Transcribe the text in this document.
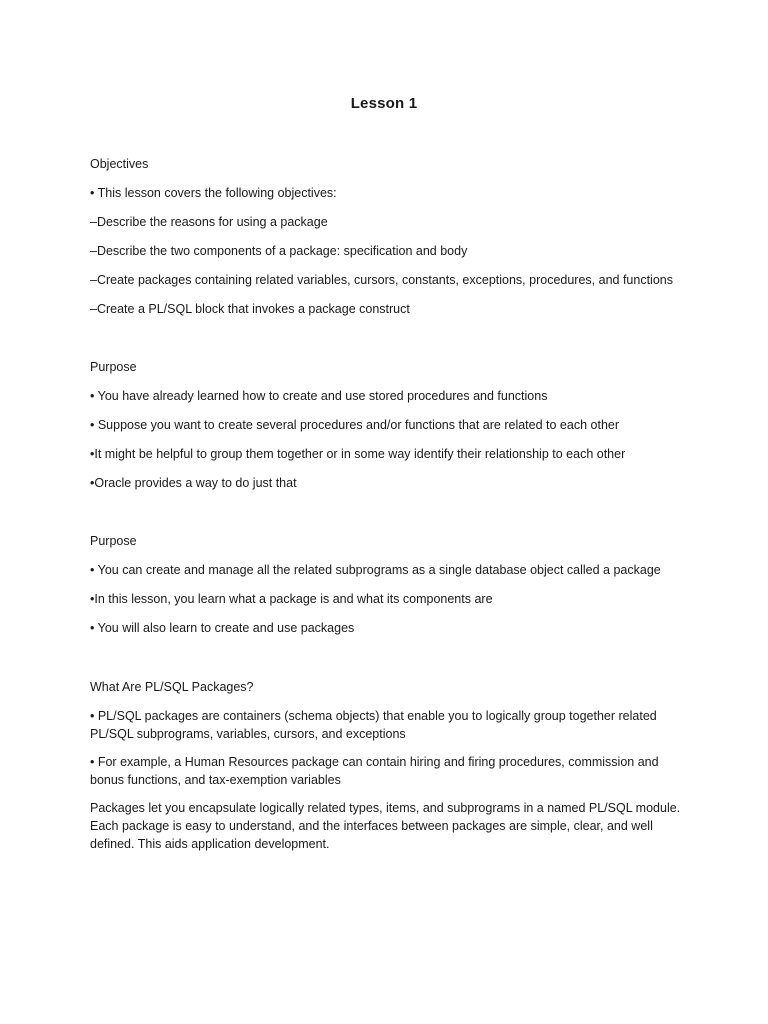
Lesson 1
Objectives
• This lesson covers the following objectives:
–Describe the reasons for using a package
–Describe the two components of a package: specification and body
–Create packages containing related variables, cursors, constants, exceptions, procedures, and functions
–Create a PL/SQL block that invokes a package construct
Purpose
• You have already learned how to create and use stored procedures and functions
• Suppose you want to create several procedures and/or functions that are related to each other
•It might be helpful to group them together or in some way identify their relationship to each other
•Oracle provides a way to do just that
Purpose
• You can create and manage all the related subprograms as a single database object called a package
•In this lesson, you learn what a package is and what its components are
• You will also learn to create and use packages
What Are PL/SQL Packages?
• PL/SQL packages are containers (schema objects) that enable you to logically group together related PL/SQL subprograms, variables, cursors, and exceptions
• For example, a Human Resources package can contain hiring and firing procedures, commission and bonus functions, and tax-exemption variables
Packages let you encapsulate logically related types, items, and subprograms in a named PL/SQL module. Each package is easy to understand, and the interfaces between packages are simple, clear, and well defined. This aids application development.
